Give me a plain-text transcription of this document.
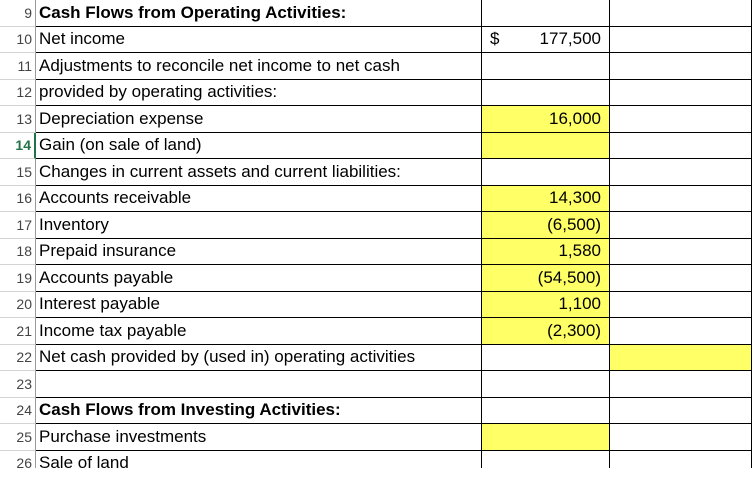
9 Cash Flows from Operating Activities:
10 Net income	$ 177,500
11 Adjustments to reconcile net income to net cash
12 provided by operating activities:
13 Depreciation expense	16,000
14 Gain (on sale of land)
15 Changes in current assets and current liabilities:
16 Accounts receivable	14,300
17 Inventory	(6,500)
18 Prepaid insurance	1,580
19 Accounts payable	(54,500)
20 Interest payable	1,100
21 Income tax payable	(2,300)
22 Net cash provided by (used in) operating activities
23
24 Cash Flows from Investing Activities:
25 Purchase investments
26 Sale of land
